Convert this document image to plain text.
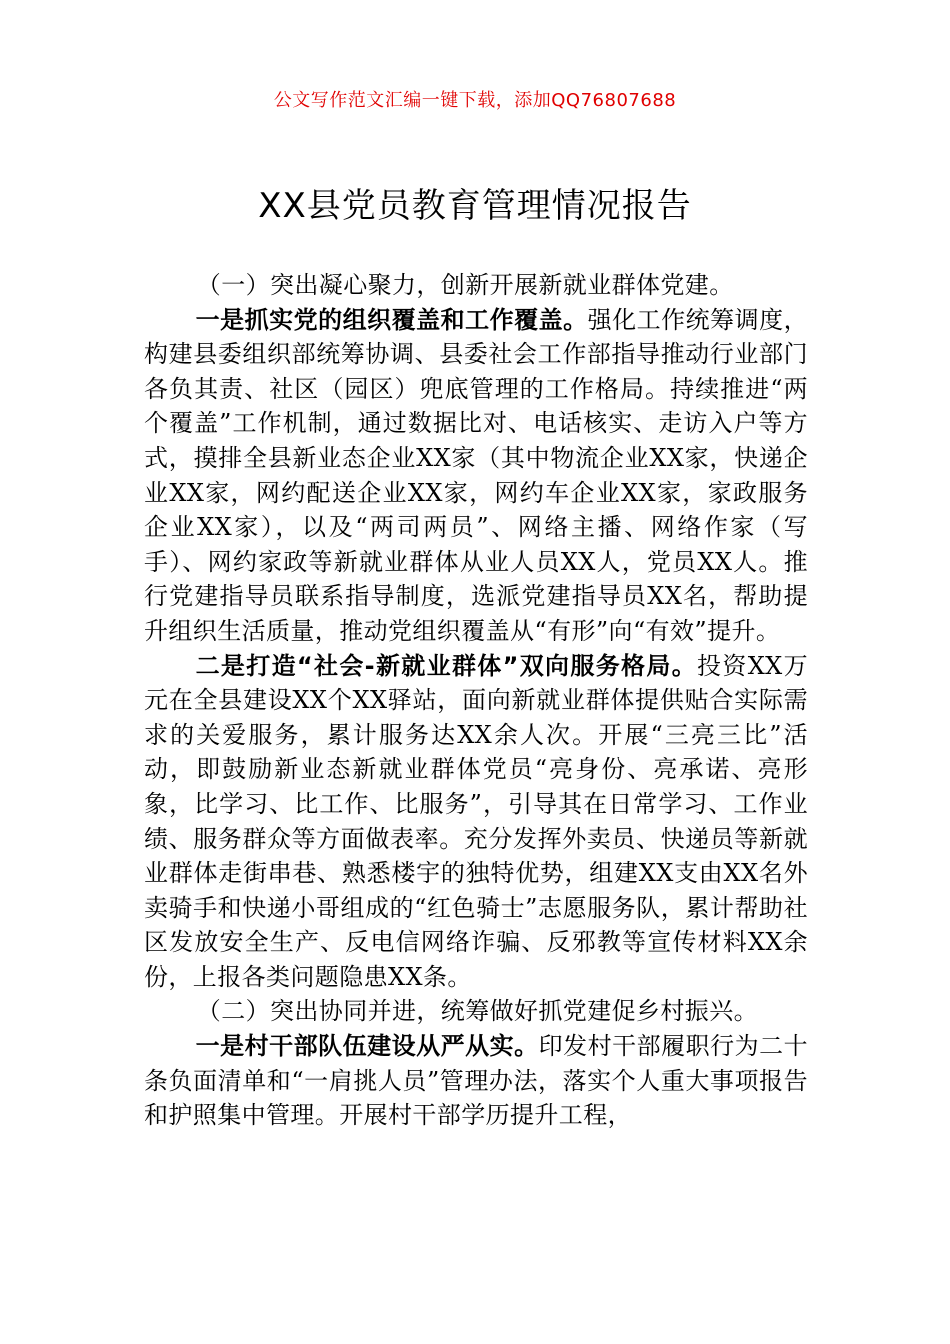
公文写作范文汇编一键下载，添加QQ76807688
XX县党员教育管理情况报告

（一）突出凝心聚力，创新开展新就业群体党建。

一是抓实党的组织覆盖和工作覆盖。强化工作统筹调度，构建县委组织部统筹协调、县委社会工作部指导推动行业部门各负其责、社区（园区）兜底管理的工作格局。持续推进“两个覆盖”工作机制，通过数据比对、电话核实、走访入户等方式，摸排全县新业态企业XX家（其中物流企业XX家，快递企业XX家，网约配送企业XX家，网约车企业XX家，家政服务企业XX家），以及“两司两员”、网络主播、网络作家（写手）、网约家政等新就业群体从业人员XX人，党员XX人。推行党建指导员联系指导制度，选派党建指导员XX名，帮助提升组织生活质量，推动党组织覆盖从“有形”向“有效”提升。

二是打造“社会-新就业群体”双向服务格局。投资XX万元在全县建设XX个XX驿站，面向新就业群体提供贴合实际需求的关爱服务，累计服务达XX余人次。开展“三亮三比”活动，即鼓励新业态新就业群体党员“亮身份、亮承诺、亮形象，比学习、比工作、比服务”，引导其在日常学习、工作业绩、服务群众等方面做表率。充分发挥外卖员、快递员等新就业群体走街串巷、熟悉楼宇的独特优势，组建XX支由XX名外卖骑手和快递小哥组成的“红色骑士”志愿服务队，累计帮助社区发放安全生产、反电信网络诈骗、反邪教等宣传材料XX余份，上报各类问题隐患XX条。

（二）突出协同并进，统筹做好抓党建促乡村振兴。

一是村干部队伍建设从严从实。印发村干部履职行为二十条负面清单和“一肩挑人员”管理办法，落实个人重大事项报告和护照集中管理。开展村干部学历提升工程，
